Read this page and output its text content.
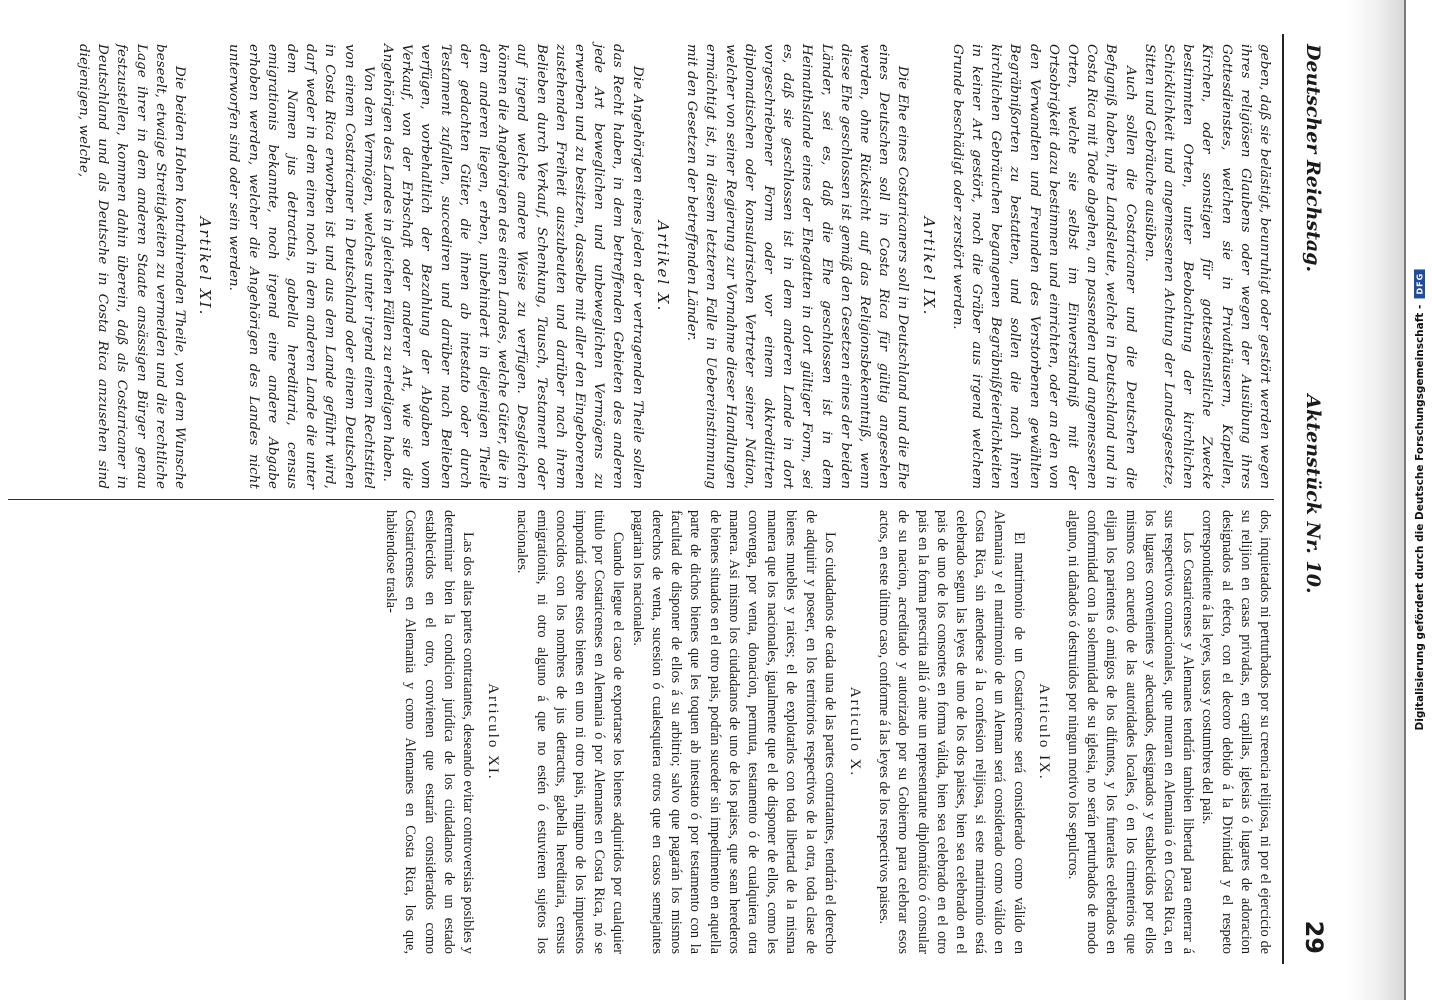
Digitalisierung gefördert durch die Deutsche Forschungsgemeinschaft -
DFG
Deutscher Reichstag.
Aktenstück Nr. 10.
29

geben, daß sie belästigt, beunruhigt oder gestört werden wegen ihres religiösen Glaubens oder wegen der Ausübung ihres Gottesdienstes, welchen sie in Privathäusern, Kapellen, Kirchen, oder sonstigen für gottesdienstliche Zwecke bestimmten Orten, unter Beobachtung der kirchlichen Schicklichkeit und angemessenen Achtung der Landesgesetze, Sitten und Gebräuche ausüben.

Auch sollen die Costaricaner und die Deutschen die Befugniß haben, ihre Landsleute, welche in Deutschland und in Costa Rica mit Tode abgehen, an passenden und angemessenen Orten, welche sie selbst im Einverständniß mit der Ortsobrigkeit dazu bestimmen und einrichten, oder an den von den Verwandten und Freunden des Verstorbenen gewählten Begräbnißorten zu bestatten, und sollen die nach ihren kirchlichen Gebräuchen begangenen Begräbnißfeierlichkeiten in keiner Art gestört, noch die Gräber aus irgend welchem Grunde beschädigt oder zerstört werden.

Artikel IX.

Die Ehe eines Costaricaners soll in Deutschland und die Ehe eines Deutschen soll in Costa Rica für gültig angesehen werden, ohne Rücksicht auf das Religionsbekenntniß, wenn diese Ehe geschlossen ist gemäß den Gesetzen eines der beiden Länder, sei es, daß die Ehe geschlossen ist in dem Heimathslande eines der Ehegatten in dort gültiger Form, sei es, daß sie geschlossen ist in dem anderen Lande in dort vorgeschriebener Form oder vor einem akkreditirten diplomatischen oder konsularischen Vertreter seiner Nation, welcher von seiner Regierung zur Vornahme dieser Handlungen ermächtigt ist, in diesem letzteren Falle in Uebereinstimmung mit den Gesetzen der betreffenden Länder.

Artikel X.

Die Angehörigen eines jeden der vertragenden Theile sollen das Recht haben, in dem betreffenden Gebieten des anderen jede Art beweglichen und unbeweglichen Vermögens zu erwerben und zu besitzen, dasselbe mit aller den Eingeborenen zustehenden Freiheit auszubeuten und darüber nach ihrem Belieben durch Verkauf, Schenkung, Tausch, Testament oder auf irgend welche andere Weise zu verfügen. Desgleichen können die Angehörigen des einen Landes, welche Güter, die in dem anderen liegen, erben, unbehindert in diejenigen Theile der gedachten Güter, die ihnen ab intestato oder durch Testament zufallen, succediren und darüber nach Belieben verfügen, vorbehaltlich der Bezahlung der Abgaben vom Verkauf, von der Erbschaft oder anderer Art, wie sie die Angehörigen des Landes in gleichen Fällen zu erledigen haben.

Von dem Vermögen, welches unter irgend einem Rechtstitel von einem Costaricaner in Deutschland oder einem Deutschen in Costa Rica erworben ist und aus dem Lande geführt wird, darf weder in dem einen noch in dem anderen Lande die unter dem Namen jus detractus, gabella hereditaria, census emigrationis bekannte, noch irgend eine andere Abgabe erhoben werden, welcher die Angehörigen des Landes nicht unterworfen sind oder sein werden.

Artikel XI.

Die beiden Hohen kontrahirenden Theile, von dem Wunsche beseelt, etwaige Streitigkeiten zu vermeiden und die rechtliche Lage ihrer in dem anderen Staate ansässigen Bürger genau festzustellen, kommen dahin überein, daß als Costaricaner in Deutschland und als Deutsche in Costa Rica anzusehen sind diejenigen, welche,

dos, inquietados ni perturbados por su creencia relijiosa, ni por el ejercicio de su relijion en casas privadas, en capillas, iglesias ó lugares de adoracion designados al efecto, con el decoro debido á la Divinidad y el respeto correspondiente á las leyes, usos y costumbres del pais.

Los Costaricenses y Alemanes tendrán tambien libertad para enterrar á sus respectivos connacionales, que mueran en Alemania ó en Costa Rica, en los lugares convenientes y adecuados, designados y establecidos por ellos mismos con acuerdo de las autoridades locales, ó en los cimenterios que elijan los parientes ó amigos de los difuntos, y los funerales celebrados en conformidad con la solemnidad de su iglesia, no serán perturbados de modo alguno, ni dañados ó destruidos por ningun motivo los sepulcros.

Articulo IX.

El matrimonio de un Costaricense será considerado como válido en Alemania y el matrimonio de un Aleman será considerado como válido en Costa Rica, sin atenderse á la confesion relijiosa, si este matrimonio está celebrado segun las leyes de uno de los dos paises, bien sea celebrado en el pais de uno de los consortes en forma válida, bien sea celebrado en el otro pais en la forma prescrita allá ó ante un representante diplomático ó consular de su nacion, acreditado y autorizado por su Gobierno para celebrar esos actos, en este último caso, conforme á las leyes de los respectivos paises.

Articulo X.

Los ciudadanos de cada una de las partes contratantes, tendrán el derecho de adquirir y poseer, en los territorios respectivos de la otra, toda clase de bienes muebles y raices; el de explotarlos con toda libertad de la misma manera que los nacionales, igualmente que el de disponer de ellos, como les convenga, por venta, donacion, permuta, testamento ó de cualquiera otra manera. Asi mismo los ciudadanos de uno de los paises, que sean herederos de bienes situados en el otro pais, podrán suceder sin impedimento en aquella parte de dichos bienes que les toquen ab intestato ó por testamento con la facultad de disponer de ellos á su arbitrio; salvo que pagarán los mismos derechos de venta, sucesion ó cualesquiera otros que en casos semejantes pagarian los nacionales.

Cuando llegue el caso de exportarse los bienes adquiridos por cualquier titulo por Costaricenses en Alemania ó por Alemanes en Costa Rica, nó se impondrá sobre estos bienes en uno ni otro pais, ninguno de los impuestos conocidos con los nombres de jus detractus, gabella hereditaria, census emigrationis, ni otro alguno á que no estén ó estuvieren sujetos los nacionales.

Articulo XI.

Las dos altas partes contratantes, deseando evitar controversias posibles y determinar bien la condicion jurídica de los ciudadanos de un estado establecidos en el otro, convienen que estarán considerados como Costaricenses en Alemania y como Alemanes en Costa Rica, los que, habiendose trasla-
